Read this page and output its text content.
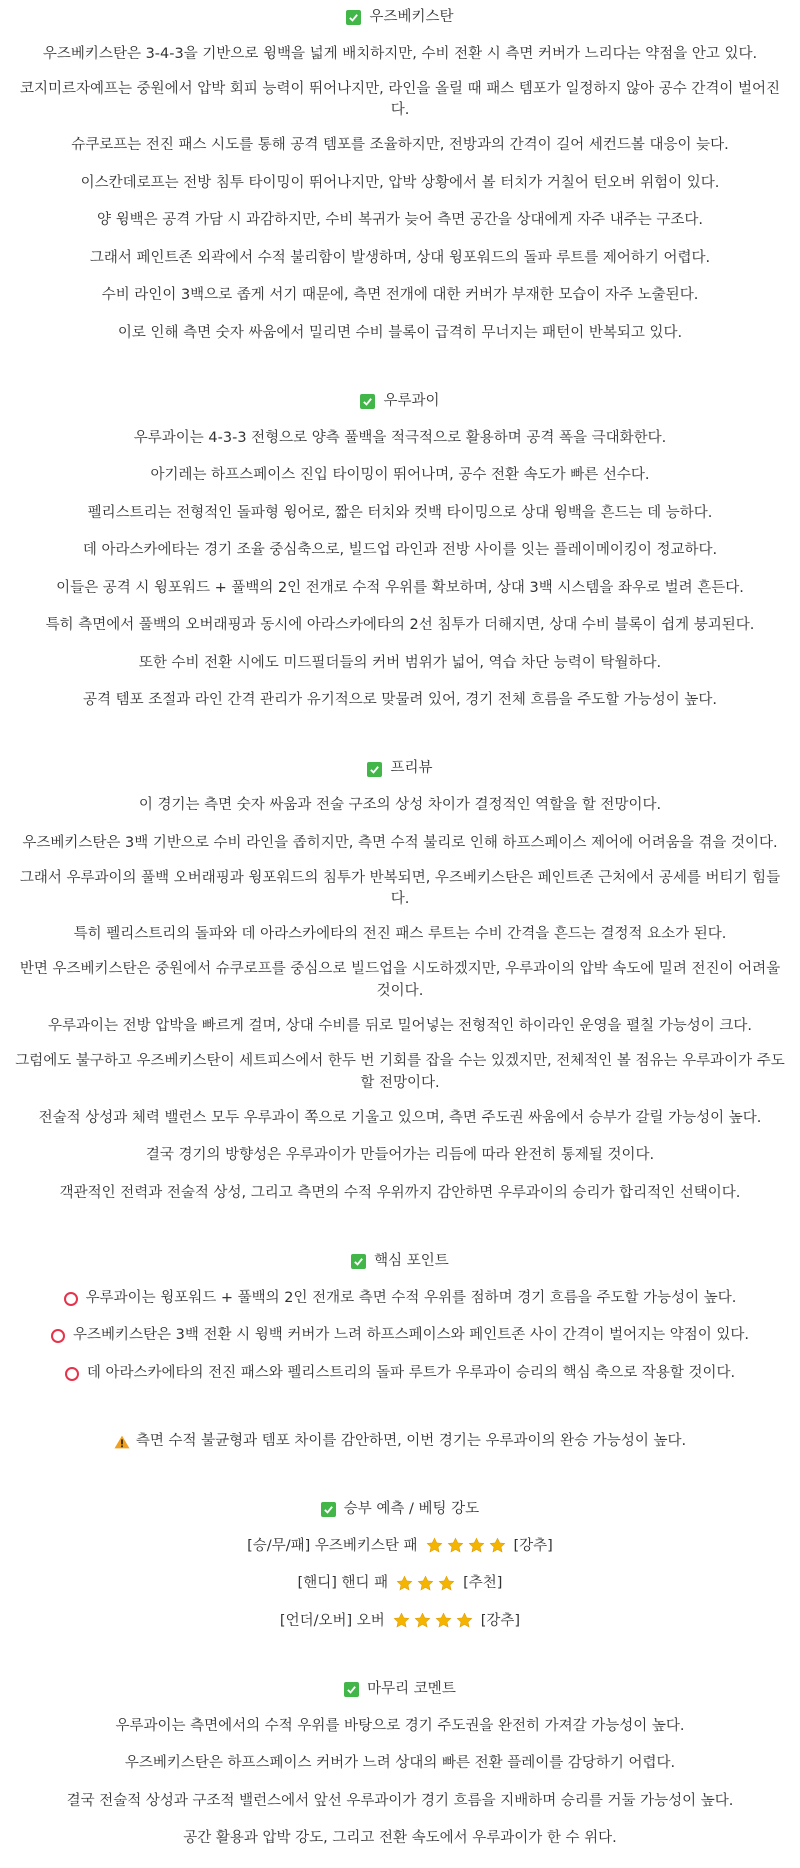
우즈베키스탄
우즈베키스탄은 3-4-3을 기반으로 윙백을 넓게 배치하지만, 수비 전환 시 측면 커버가 느리다는 약점을 안고 있다.
코지미르자예프는 중원에서 압박 회피 능력이 뛰어나지만, 라인을 올릴 때 패스 템포가 일정하지 않아 공수 간격이 벌어진다.
슈쿠로프는 전진 패스 시도를 통해 공격 템포를 조율하지만, 전방과의 간격이 길어 세컨드볼 대응이 늦다.
이스칸데로프는 전방 침투 타이밍이 뛰어나지만, 압박 상황에서 볼 터치가 거칠어 턴오버 위험이 있다.
양 윙백은 공격 가담 시 과감하지만, 수비 복귀가 늦어 측면 공간을 상대에게 자주 내주는 구조다.
그래서 페인트존 외곽에서 수적 불리함이 발생하며, 상대 윙포워드의 돌파 루트를 제어하기 어렵다.
수비 라인이 3백으로 좁게 서기 때문에, 측면 전개에 대한 커버가 부재한 모습이 자주 노출된다.
이로 인해 측면 숫자 싸움에서 밀리면 수비 블록이 급격히 무너지는 패턴이 반복되고 있다.
우루과이
우루과이는 4-3-3 전형으로 양측 풀백을 적극적으로 활용하며 공격 폭을 극대화한다.
아기레는 하프스페이스 진입 타이밍이 뛰어나며, 공수 전환 속도가 빠른 선수다.
펠리스트리는 전형적인 돌파형 윙어로, 짧은 터치와 컷백 타이밍으로 상대 윙백을 흔드는 데 능하다.
데 아라스카에타는 경기 조율 중심축으로, 빌드업 라인과 전방 사이를 잇는 플레이메이킹이 정교하다.
이들은 공격 시 윙포워드 + 풀백의 2인 전개로 수적 우위를 확보하며, 상대 3백 시스템을 좌우로 벌려 흔든다.
특히 측면에서 풀백의 오버래핑과 동시에 아라스카에타의 2선 침투가 더해지면, 상대 수비 블록이 쉽게 붕괴된다.
또한 수비 전환 시에도 미드필더들의 커버 범위가 넓어, 역습 차단 능력이 탁월하다.
공격 템포 조절과 라인 간격 관리가 유기적으로 맞물려 있어, 경기 전체 흐름을 주도할 가능성이 높다.
프리뷰
이 경기는 측면 숫자 싸움과 전술 구조의 상성 차이가 결정적인 역할을 할 전망이다.
우즈베키스탄은 3백 기반으로 수비 라인을 좁히지만, 측면 수적 불리로 인해 하프스페이스 제어에 어려움을 겪을 것이다.
그래서 우루과이의 풀백 오버래핑과 윙포워드의 침투가 반복되면, 우즈베키스탄은 페인트존 근처에서 공세를 버티기 힘들다.
특히 펠리스트리의 돌파와 데 아라스카에타의 전진 패스 루트는 수비 간격을 흔드는 결정적 요소가 된다.
반면 우즈베키스탄은 중원에서 슈쿠로프를 중심으로 빌드업을 시도하겠지만, 우루과이의 압박 속도에 밀려 전진이 어려울 것이다.
우루과이는 전방 압박을 빠르게 걸며, 상대 수비를 뒤로 밀어넣는 전형적인 하이라인 운영을 펼칠 가능성이 크다.
그럼에도 불구하고 우즈베키스탄이 세트피스에서 한두 번 기회를 잡을 수는 있겠지만, 전체적인 볼 점유는 우루과이가 주도할 전망이다.
전술적 상성과 체력 밸런스 모두 우루과이 쪽으로 기울고 있으며, 측면 주도권 싸움에서 승부가 갈릴 가능성이 높다.
결국 경기의 방향성은 우루과이가 만들어가는 리듬에 따라 완전히 통제될 것이다.
객관적인 전력과 전술적 상성, 그리고 측면의 수적 우위까지 감안하면 우루과이의 승리가 합리적인 선택이다.
핵심 포인트
우루과이는 윙포워드 + 풀백의 2인 전개로 측면 수적 우위를 점하며 경기 흐름을 주도할 가능성이 높다.
우즈베키스탄은 3백 전환 시 윙백 커버가 느려 하프스페이스와 페인트존 사이 간격이 벌어지는 약점이 있다.
데 아라스카에타의 전진 패스와 펠리스트리의 돌파 루트가 우루과이 승리의 핵심 축으로 작용할 것이다.
측면 수적 불균형과 템포 차이를 감안하면, 이번 경기는 우루과이의 완승 가능성이 높다.
승부 예측 / 베팅 강도
[승/무/패] 우즈베키스탄 패	[강추]
[핸디] 핸디 패	[추천]
[언더/오버] 오버	[강추]
마무리 코멘트
우루과이는 측면에서의 수적 우위를 바탕으로 경기 주도권을 완전히 가져갈 가능성이 높다.
우즈베키스탄은 하프스페이스 커버가 느려 상대의 빠른 전환 플레이를 감당하기 어렵다.
결국 전술적 상성과 구조적 밸런스에서 앞선 우루과이가 경기 흐름을 지배하며 승리를 거둘 가능성이 높다.
공간 활용과 압박 강도, 그리고 전환 속도에서 우루과이가 한 수 위다.
